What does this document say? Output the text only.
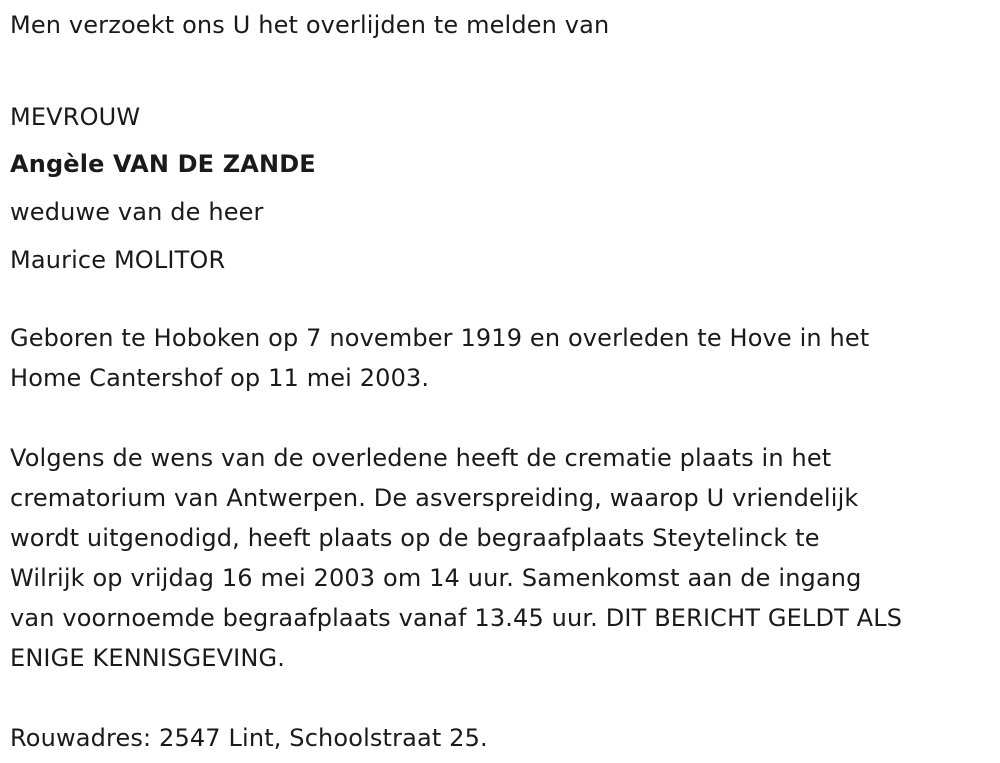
Men verzoekt ons U het overlijden te melden van
MEVROUW
Angèle VAN DE ZANDE
weduwe van de heer
Maurice MOLITOR
Geboren te Hoboken op 7 november 1919 en overleden te Hove in het
Home Cantershof op 11 mei 2003.
Volgens de wens van de overledene heeft de crematie plaats in het
crematorium van Antwerpen. De asverspreiding, waarop U vriendelijk
wordt uitgenodigd, heeft plaats op de begraafplaats Steytelinck te
Wilrijk op vrijdag 16 mei 2003 om 14 uur. Samenkomst aan de ingang
van voornoemde begraafplaats vanaf 13.45 uur. DIT BERICHT GELDT ALS
ENIGE KENNISGEVING.
Rouwadres: 2547 Lint, Schoolstraat 25.
